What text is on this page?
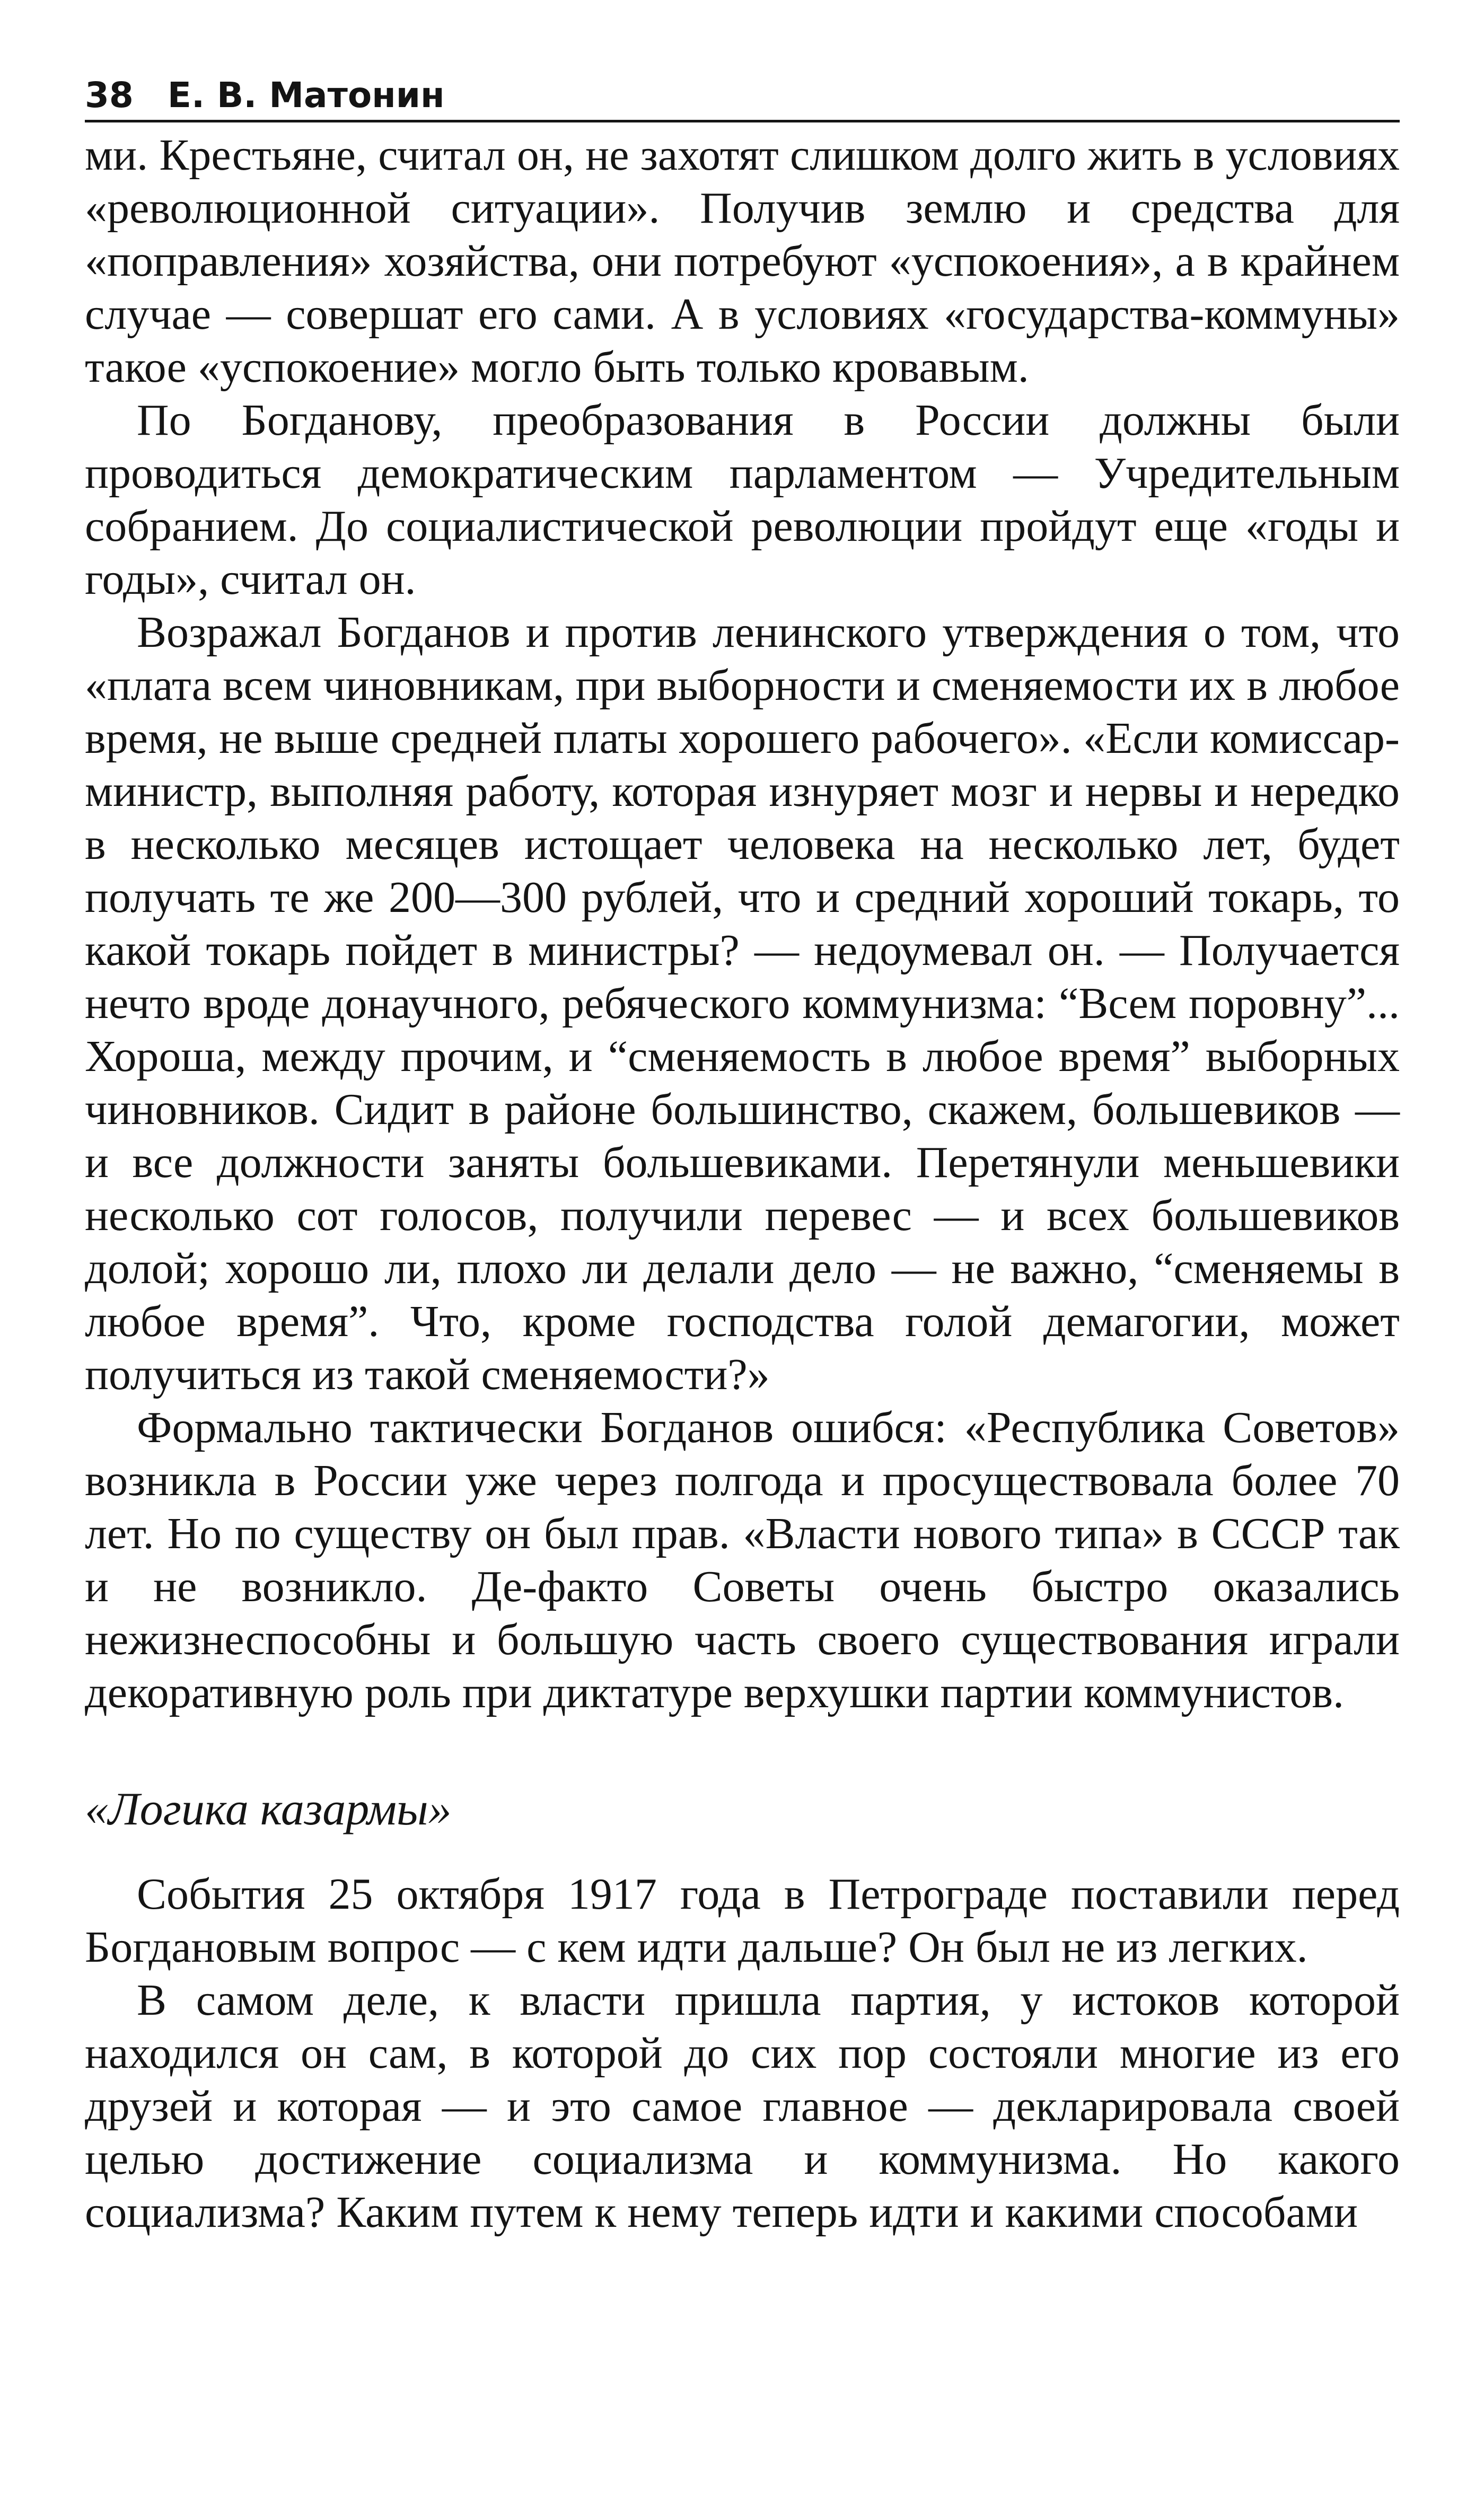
38 Е. В. Матонин

ми. Крестьяне, считал он, не захотят слишком долго жить в условиях «революционной ситуации». Получив землю и средства для «поправления» хозяйства, они потребуют «успокоения», а в крайнем случае — совершат его сами. А в условиях «государства-коммуны» такое «успокоение» могло быть только кровавым.

По Богданову, преобразования в России должны были проводиться демократическим парламентом — Учредительным собранием. До социалистической революции пройдут еще «годы и годы», считал он.

Возражал Богданов и против ленинского утверждения о том, что «плата всем чиновникам, при выборности и сменяемости их в любое время, не выше средней платы хорошего рабочего». «Если комиссар-министр, выполняя работу, которая изнуряет мозг и нервы и нередко в несколько месяцев истощает человека на несколько лет, будет получать те же 200—300 рублей, что и средний хороший токарь, то какой токарь пойдет в министры? — недоумевал он. — Получается нечто вроде донаучного, ребяческого коммунизма: “Всем поровну”... Хороша, между прочим, и “сменяемость в любое время” выборных чиновников. Сидит в районе большинство, скажем, большевиков — и все должности заняты большевиками. Перетянули меньшевики несколько сот голосов, получили перевес — и всех большевиков долой; хорошо ли, плохо ли делали дело — не важно, “сменяемы в любое время”. Что, кроме господства голой демагогии, может получиться из такой сменяемости?»

Формально тактически Богданов ошибся: «Республика Советов» возникла в России уже через полгода и просуществовала более 70 лет. Но по существу он был прав. «Власти нового типа» в СССР так и не возникло. Де-факто Советы очень быстро оказались нежизнеспособны и большую часть своего существования играли декоративную роль при диктатуре верхушки партии коммунистов.

«Логика казармы»

События 25 октября 1917 года в Петрограде поставили перед Богдановым вопрос — с кем идти дальше? Он был не из легких.

В самом деле, к власти пришла партия, у истоков которой находился он сам, в которой до сих пор состояли многие из его друзей и которая — и это самое главное — декларировала своей целью достижение социализма и коммунизма. Но какого социализма? Каким путем к нему теперь идти и какими способами
